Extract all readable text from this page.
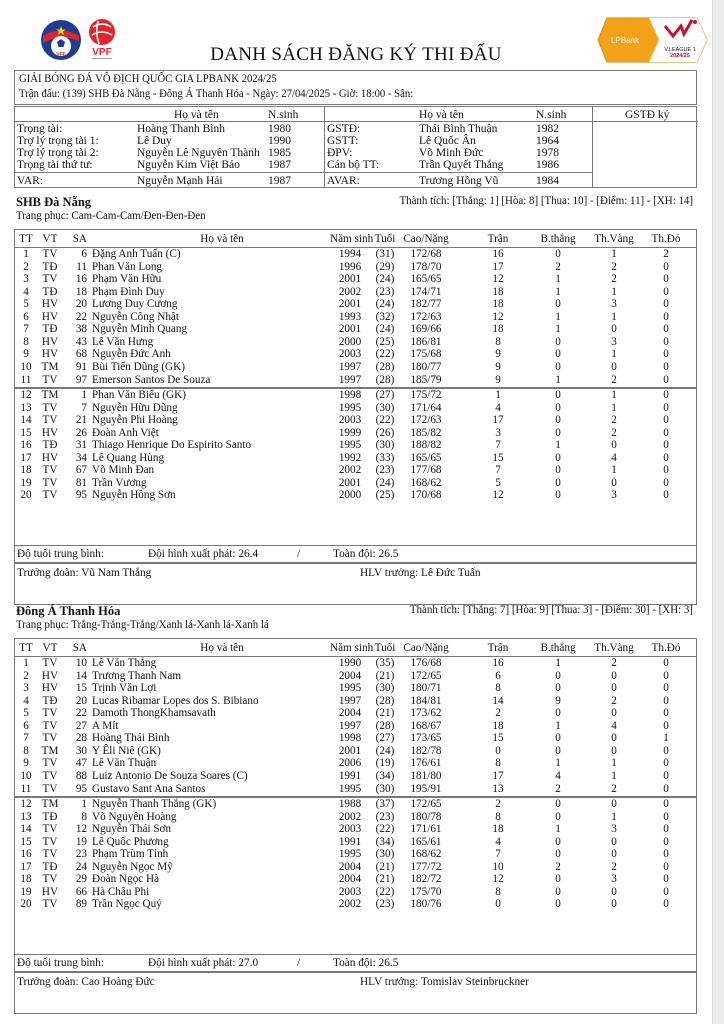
VFF	VPF
LPBank
V.LEAGUE 1
2024/25
DANH SÁCH ĐĂNG KÝ THI ĐẤU
GIẢI BÓNG ĐÁ VÔ ĐỊCH QUỐC GIA LPBANK 2024/25
Trận đấu: (139) SHB Đà Nẵng - Đông Á Thanh Hóa - Ngày: 27/04/2025 - Giờ: 18:00 - Sân:
Họ và tên	N.sinh	Họ và tên	N.sinh	GSTĐ ký
Trọng tài:	Hoàng Thanh Bình	1980	GSTĐ:	Thái Bình Thuận	1982
Trợ lý trọng tài 1:	Lê Duy	1990	GSTT:	Lê Quốc Ân	1964
Trợ lý trọng tài 2:	Nguyễn Lê Nguyên Thành 1985	ĐPV:	Võ Minh Đức	1978
Trọng tài thứ tư:	Nguyễn Kim Việt Bảo 1987	Cán bộ TT:	Trần Quyết Thắng	1986
VAR:	Nguyễn Mạnh Hải	1987	AVAR:	Trương Hồng Vũ	1984
SHB Đà Nẵng	Thành tích: [Thắng: 1] [Hòa: 8] [Thua: 10] - [Điểm: 11] - [XH: 14]
Trang phục: Cam-Cam-Cam/Đen-Đen-Đen
TT VT	SA	Họ và tên	Năm sinh Tuổi Cao/Nặng	Trận	B.thắng Th.Vàng	Th.Đỏ
1	TV	6 Đặng Anh Tuấn (C)	1994	(31)	172/68	16	0	1	2
2	TĐ	11 Phan Văn Long	1996	(29)	178/70	17	2	2	0
3	TV	16 Phạm Văn Hữu	2001	(24)	165/65	12	1	2	0
4	TĐ	18 Phạm Đình Duy	2002	(23)	174/71	18	1	1	0
5	HV	20 Lương Duy Cương	2001	(24)	182/77	18	0	3	0
6	HV	22 Nguyễn Công Nhật	1993	(32)	172/63	12	1	1	0
7	TĐ	38 Nguyễn Minh Quang	2001	(24)	169/66	18	1	0	0
8	HV	43 Lê Văn Hưng	2000	(25)	186/81	8	0	3	0
9	HV	68 Nguyễn Đức Anh	2003	(22)	175/68	9	0	1	0
10 TM	91 Bùi Tiến Dũng (GK)	1997	(28)	180/77	9	0	0	0
11 TV	97 Emerson Santos De Souza	1997	(28)	185/79	9	1	2	0
12 TM	1 Phan Văn Biểu (GK)	1998	(27)	175/72	1	0	1	0
13 TV	7 Nguyễn Hữu Dũng	1995	(30)	171/64	4	0	1	0
14 TV	21 Nguyễn Phi Hoàng	2003	(22)	172/63	17	0	2	0
15 HV	26 Đoàn Anh Việt	1999	(26)	185/82	3	0	2	0
16 TĐ	31 Thiago Henrique Do Espirito Santo	1995	(30)	188/82	7	1	0	0
17 HV	34 Lê Quang Hùng	1992	(33)	165/65	15	0	4	0
18 TV	67 Võ Minh Đan	2002	(23)	177/68	7	0	1	0
19 TV	81 Trần Vương	2001	(24)	168/62	5	0	0	0
20 TV	95 Nguyễn Hồng Sơn	2000	(25)	170/68	12	0	3	0
Độ tuổi trung bình:	Đội hình xuất phát: 26.4	/	Toàn đội: 26.5
Trưởng đoàn: Vũ Nam Thắng	HLV trưởng: Lê Đức Tuấn
Đông Á Thanh Hóa	Thành tích: [Thắng: 7] [Hòa: 9] [Thua: 3] - [Điểm: 30] - [XH: 3]
Trang phục: Trắng-Trắng-Trắng/Xanh lá-Xanh lá-Xanh lá
TT VT	SA	Họ và tên	Năm sinh Tuổi Cao/Nặng	Trận	B.thắng Th.Vàng	Th.Đỏ
1	TV	10 Lê Văn Thắng	1990	(35)	176/68	16	1	2	0
2	HV	14 Trương Thanh Nam	2004	(21)	172/65	6	0	0	0
3	HV	15 Trịnh Văn Lợi	1995	(30)	180/71	8	0	0	0
4	TĐ	20 Lucas Ribamar Lopes dos S. Bibiano	1997	(28)	184/81	14	9	2	0
5	TV	22 Damoth ThongKhamsavath	2004	(21)	173/62	2	0	0	0
6	TV	27 A Mít	1997	(28)	168/67	18	1	4	0
7	TV	28 Hoàng Thái Bình	1998	(27)	173/65	15	0	0	1
8	TM	30 Y Êli Niê (GK)	2001	(24)	182/78	0	0	0	0
9	TV	47 Lê Văn Thuận	2006	(19)	176/61	8	1	1	0
10 TV	88 Luiz Antonio De Souza Soares (C)	1991	(34)	181/80	17	4	1	0
11 TV	95 Gustavo Sant Ana Santos	1995	(30)	195/91	13	2	2	0
12 TM	1 Nguyễn Thanh Thắng (GK)	1988	(37)	172/65	2	0	0	0
13 TĐ	8 Võ Nguyên Hoàng	2002	(23)	180/78	8	0	1	0
14 TV	12 Nguyễn Thái Sơn	2003	(22)	171/61	18	1	3	0
15 TV	19 Lê Quốc Phương	1991	(34)	165/61	4	0	0	0
16 TV	23 Phạm Trùm Tỉnh	1995	(30)	168/62	7	0	0	0
17 TĐ	24 Nguyễn Ngọc Mỹ	2004	(21)	177/72	10	2	2	0
18 TV	29 Đoàn Ngọc Hà	2004	(21)	182/72	12	0	3	0
19 HV	66 Hà Châu Phi	2003	(22)	175/70	8	0	0	0
20 TV	89 Trần Ngọc Quý	2002	(23)	180/76	0	0	0	0
Độ tuổi trung bình:	Đội hình xuất phát: 27.0	/	Toàn đội: 26.5
Trưởng đoàn: Cao Hoàng Đức	HLV trưởng: Tomislav Steinbruckner
